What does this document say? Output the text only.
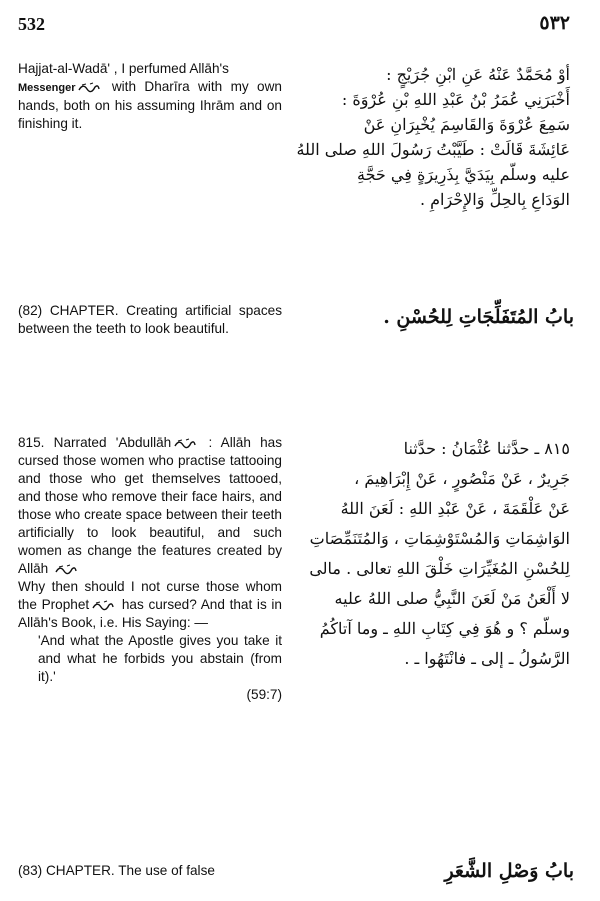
532	٥٣٢

Hajjat-al-Wadā' , I perfumed Allāh's
Messenger	with Dharīra with my own hands, both on his assuming Ihrām and on finishing it.

أوْ مُحَمَّدٌ عَنْهُ عَنِ ابْنِ جُرَيْجٍ :

أَخْبَرَنِي عُمَرُ بْنُ عَبْدِ اللهِ بْنِ عُرْوَةَ :

سَمِعَ عُرْوَةَ وَالقَاسِمَ يُخْبِرَانِ عَنْ

عَائِشَةَ قَالَتْ : طَيَّبْتُ رَسُولَ اللهِ صلى اللهُ

عليه وسلّم بِيَدَيَّ بِذَرِيرَةٍ فِي حَجَّةِ

الوَدَاعِ بِالحِلِّ وَالإِحْرَامِ .

(82) CHAPTER. Creating artificial spaces between the teeth to look beautiful.

بابُ المُتَفَلِّجَاتِ لِلحُسْنِ .

815. Narrated 'Abdullāh	: Allāh has cursed those women who practise tattooing and those who get themselves tattooed, and those who remove their face hairs, and those who create space between their teeth artificially to look beautiful, and such women as change the features created by Allāh

Why then should I not curse those whom the Prophet has cursed? And that is in Allāh's Book, i.e. His Saying: —

'And what the Apostle gives you take it and what he forbids you abstain (from it).'

(59:7)

٨١٥ ـ حدَّثنا عُثْمَانُ : حدَّثنا

جَرِيرٌ ، عَنْ مَنْصُورٍ ، عَنْ إِبْرَاهِيمَ ،

عَنْ عَلْقَمَةَ ، عَنْ عَبْدِ اللهِ : لَعَنَ اللهُ

الوَاشِمَاتِ وَالمُسْتَوْشِمَاتِ ، وَالمُتَنَمِّصَاتِ

لِلحُسْنِ المُغَيِّرَاتِ خَلْقَ اللهِ تعالى . مالى

لا أَلْعَنُ مَنْ لَعَنَ النَّبِيُّ صلى اللهُ عليه

وسلّم ؟ و هُوَ فِي كِتَابِ اللهِ ـ وما آتاكُمُ

الرَّسُولُ ـ إلى ـ فانْتَهُوا ـ .

(83) CHAPTER. The use of false	بابُ وَصْلِ الشَّعَرِ
